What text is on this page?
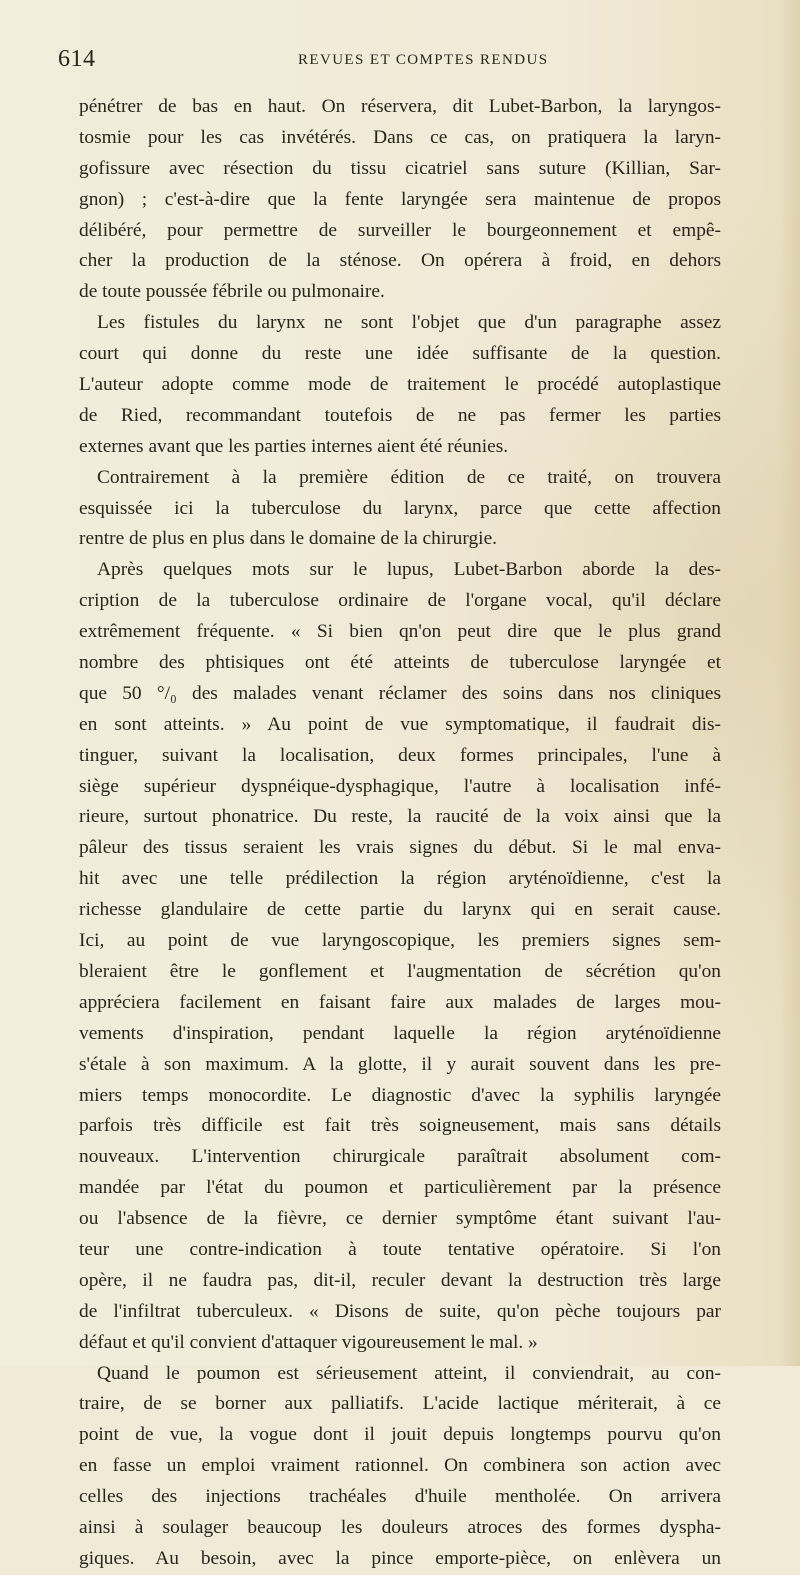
614	REVUES ET COMPTES RENDUS
pénétrer de bas en haut. On réservera, dit Lubet-Barbon, la laryngos-
tosmie pour les cas invétérés. Dans ce cas, on pratiquera la laryn-
gofissure avec résection du tissu cicatriel sans suture (Killian, Sar-
gnon) ; c'est-à-dire que la fente laryngée sera maintenue de propos
délibéré, pour permettre de surveiller le bourgeonnement et empê-
cher la production de la sténose. On opérera à froid, en dehors
de toute poussée fébrile ou pulmonaire.
Les fistules du larynx ne sont l'objet que d'un paragraphe assez
court qui donne du reste une idée suffisante de la question.
L'auteur adopte comme mode de traitement le procédé autoplastique
de Ried, recommandant toutefois de ne pas fermer les parties
externes avant que les parties internes aient été réunies.
Contrairement à la première édition de ce traité, on trouvera
esquissée ici la tuberculose du larynx, parce que cette affection
rentre de plus en plus dans le domaine de la chirurgie.
Après quelques mots sur le lupus, Lubet-Barbon aborde la des-
cription de la tuberculose ordinaire de l'organe vocal, qu'il déclare
extrêmement fréquente. « Si bien qn'on peut dire que le plus grand
nombre des phtisiques ont été atteints de tuberculose laryngée et
que 50 °/₀ des malades venant réclamer des soins dans nos cliniques
en sont atteints. » Au point de vue symptomatique, il faudrait dis-
tinguer, suivant la localisation, deux formes principales, l'une à
siège supérieur dyspnéique-dysphagique, l'autre à localisation infé-
rieure, surtout phonatrice. Du reste, la raucité de la voix ainsi que la
pâleur des tissus seraient les vrais signes du début. Si le mal enva-
hit avec une telle prédilection la région aryténoïdienne, c'est la
richesse glandulaire de cette partie du larynx qui en serait cause.
Ici, au point de vue laryngoscopique, les premiers signes sem-
bleraient être le gonflement et l'augmentation de sécrétion qu'on
appréciera facilement en faisant faire aux malades de larges mou-
vements d'inspiration, pendant laquelle la région aryténoïdienne
s'étale à son maximum. A la glotte, il y aurait souvent dans les pre-
miers temps monocordite. Le diagnostic d'avec la syphilis laryngée
parfois très difficile est fait très soigneusement, mais sans détails
nouveaux. L'intervention chirurgicale paraîtrait absolument com-
mandée par l'état du poumon et particulièrement par la présence
ou l'absence de la fièvre, ce dernier symptôme étant suivant l'au-
teur une contre-indication à toute tentative opératoire. Si l'on
opère, il ne faudra pas, dit-il, reculer devant la destruction très large
de l'infiltrat tuberculeux. « Disons de suite, qu'on pèche toujours par
défaut et qu'il convient d'attaquer vigoureusement le mal. »
Quand le poumon est sérieusement atteint, il conviendrait, au con-
traire, de se borner aux palliatifs. L'acide lactique mériterait, à ce
point de vue, la vogue dont il jouit depuis longtemps pourvu qu'on
en fasse un emploi vraiment rationnel. On combinera son action avec
celles des injections trachéales d'huile mentholée. On arrivera
ainsi à soulager beaucoup les douleurs atroces des formes dyspha-
giques. Au besoin, avec la pince emporte-pièce, on enlèvera un
